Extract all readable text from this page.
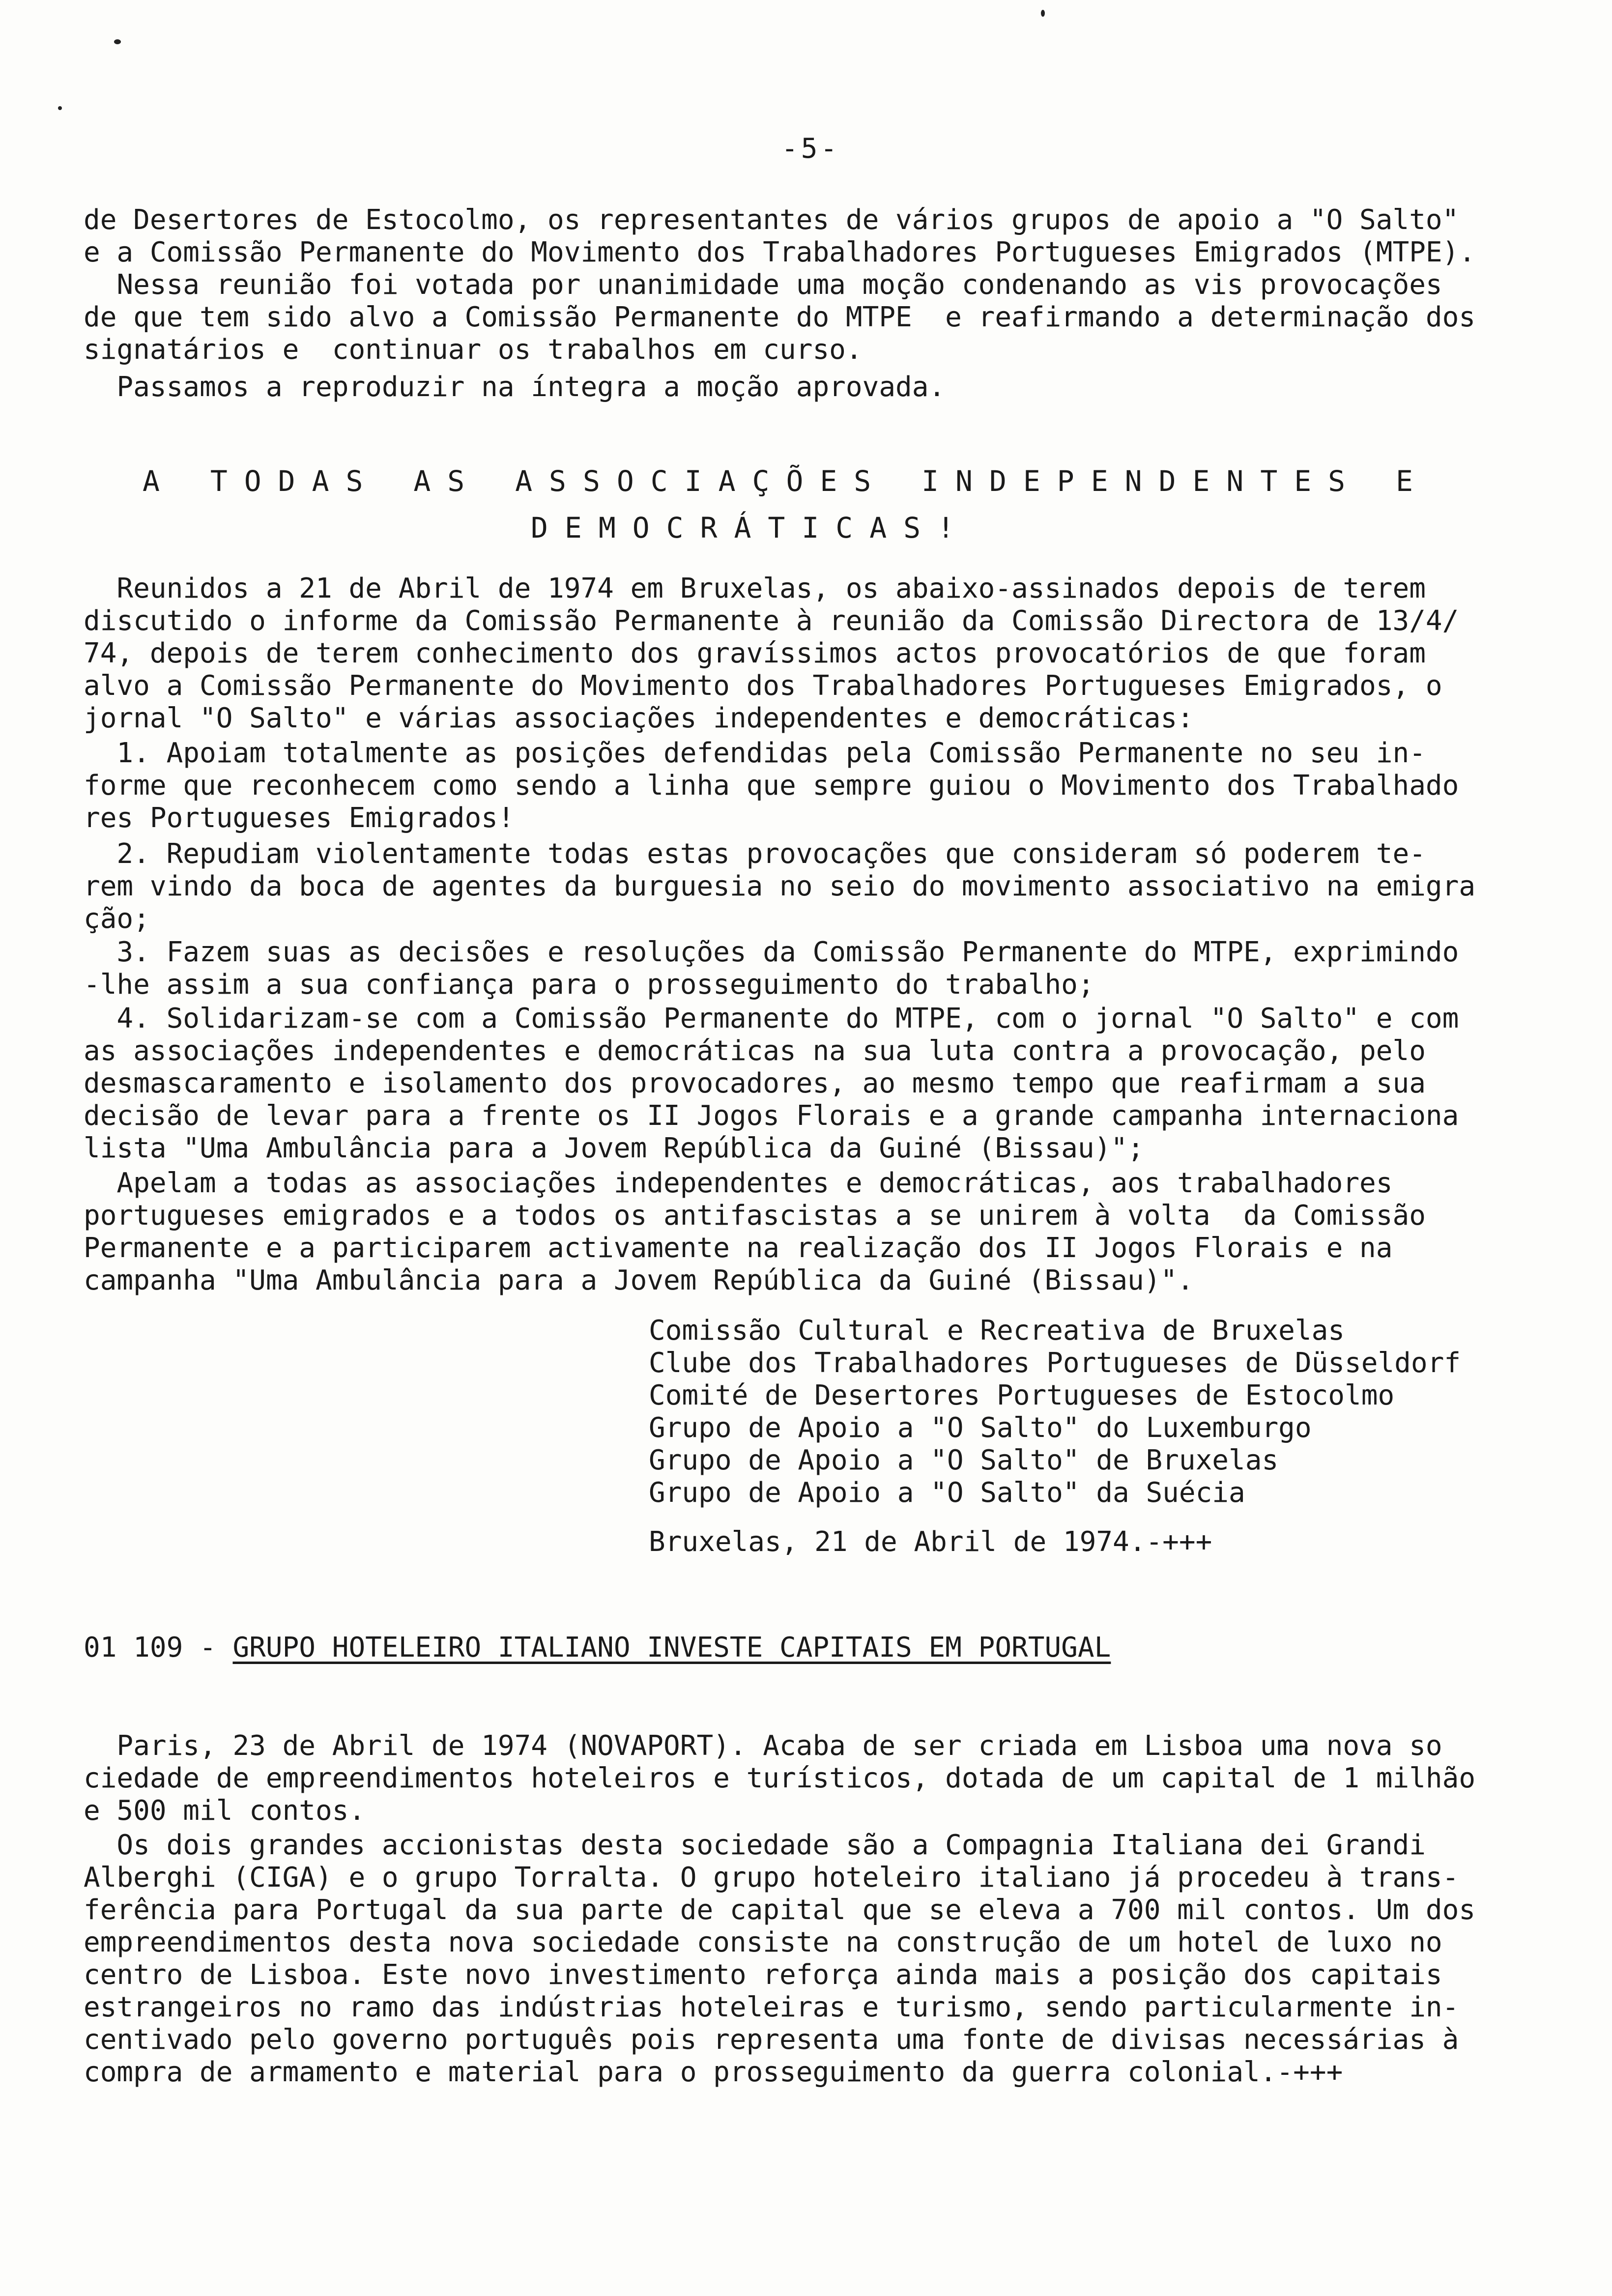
-5-
de Desertores de Estocolmo, os representantes de vários grupos de apoio a "O Salto"
e a Comissão Permanente do Movimento dos Trabalhadores Portugueses Emigrados (MTPE).
Nessa reunião foi votada por unanimidade uma moção condenando as vis provocações
de que tem sido alvo a Comissão Permanente do MTPE  e reafirmando a determinação dos
signatários e  continuar os trabalhos em curso.
Passamos a reproduzir na íntegra a moção aprovada.
A TODAS AS ASSOCIAÇÕES INDEPENDENTES E
DEMOCRÁTICAS!
Reunidos a 21 de Abril de 1974 em Bruxelas, os abaixo-assinados depois de terem
discutido o informe da Comissão Permanente à reunião da Comissão Directora de 13/4/
74, depois de terem conhecimento dos gravíssimos actos provocatórios de que foram
alvo a Comissão Permanente do Movimento dos Trabalhadores Portugueses Emigrados, o
jornal "O Salto" e várias associações independentes e democráticas:
1. Apoiam totalmente as posições defendidas pela Comissão Permanente no seu in-
forme que reconhecem como sendo a linha que sempre guiou o Movimento dos Trabalhado
res Portugueses Emigrados!
2. Repudiam violentamente todas estas provocações que consideram só poderem te-
rem vindo da boca de agentes da burguesia no seio do movimento associativo na emigra
ção;
3. Fazem suas as decisões e resoluções da Comissão Permanente do MTPE, exprimindo
-lhe assim a sua confiança para o prosseguimento do trabalho;
4. Solidarizam-se com a Comissão Permanente do MTPE, com o jornal "O Salto" e com
as associações independentes e democráticas na sua luta contra a provocação, pelo
desmascaramento e isolamento dos provocadores, ao mesmo tempo que reafirmam a sua
decisão de levar para a frente os II Jogos Florais e a grande campanha internaciona
lista "Uma Ambulância para a Jovem República da Guiné (Bissau)";
Apelam a todas as associações independentes e democráticas, aos trabalhadores
portugueses emigrados e a todos os antifascistas a se unirem à volta  da Comissão
Permanente e a participarem activamente na realização dos II Jogos Florais e na
campanha "Uma Ambulância para a Jovem República da Guiné (Bissau)".
Comissão Cultural e Recreativa de Bruxelas
Clube dos Trabalhadores Portugueses de Düsseldorf
Comité de Desertores Portugueses de Estocolmo
Grupo de Apoio a "O Salto" do Luxemburgo
Grupo de Apoio a "O Salto" de Bruxelas
Grupo de Apoio a "O Salto" da Suécia
Bruxelas, 21 de Abril de 1974.-+++
01 109 - GRUPO HOTELEIRO ITALIANO INVESTE CAPITAIS EM PORTUGAL
Paris, 23 de Abril de 1974 (NOVAPORT). Acaba de ser criada em Lisboa uma nova so
ciedade de empreendimentos hoteleiros e turísticos, dotada de um capital de 1 milhão
e 500 mil contos.
Os dois grandes accionistas desta sociedade são a Compagnia Italiana dei Grandi
Alberghi (CIGA) e o grupo Torralta. O grupo hoteleiro italiano já procedeu à trans-
ferência para Portugal da sua parte de capital que se eleva a 700 mil contos. Um dos
empreendimentos desta nova sociedade consiste na construção de um hotel de luxo no
centro de Lisboa. Este novo investimento reforça ainda mais a posição dos capitais
estrangeiros no ramo das indústrias hoteleiras e turismo, sendo particularmente in-
centivado pelo governo português pois representa uma fonte de divisas necessárias à
compra de armamento e material para o prosseguimento da guerra colonial.-+++
